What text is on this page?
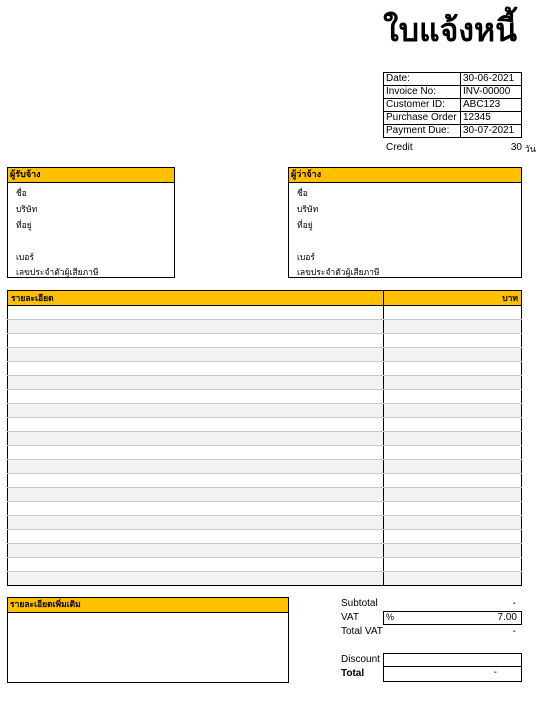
ใบแจ้งหนี้
Date:	30-06-2021
Invoice No:	INV-00000
Customer ID:	ABC123
Purchase Order	12345
Payment Due:	30-07-2021
Credit	30 วัน
ผู้รับจ้าง
ชื่อ
บริษัท
ที่อยู่
เบอร์
เลขประจำตัวผู้เสียภาษี
ผู้ว่าจ้าง
ชื่อ
บริษัท
ที่อยู่
เบอร์
เลขประจำตัวผู้เสียภาษี
รายละเอียด	บาท

รายละเอียดเพิ่มเติม	Subtotal	-
VAT	%	7.00
Total VAT	-
Discount
Total	-
